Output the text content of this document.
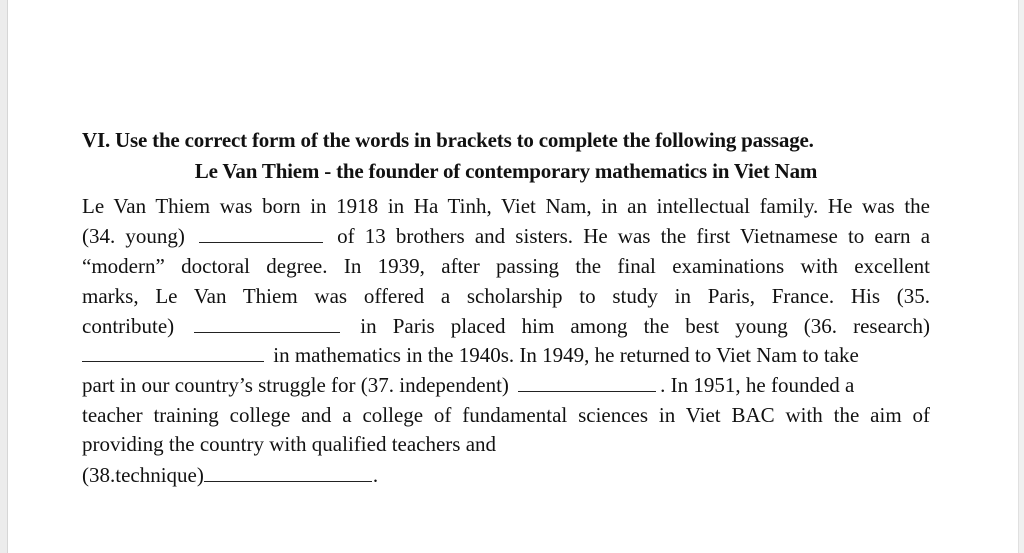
VI. Use the correct form of the words in brackets to complete the following passage.
Le Van Thiem - the founder of contemporary mathematics in Viet Nam
Le Van Thiem was born in 1918 in Ha Tinh, Viet Nam, in an intellectual family. He was the
(34. young)	of 13 brothers and sisters. He was the first Vietnamese to earn a
“modern” doctoral degree. In 1939, after passing the final examinations with excellent
marks, Le Van Thiem was offered a scholarship to study in Paris, France. His (35.
contribute)	in Paris placed him among the best young (36. research)
in mathematics in the 1940s. In 1949, he returned to Viet Nam to take
part in our country’s struggle for (37. independent)	. In 1951, he founded a
teacher training college and a college of fundamental sciences in Viet BAC with the aim of
providing the country with qualified teachers and
(38.technique)	.
